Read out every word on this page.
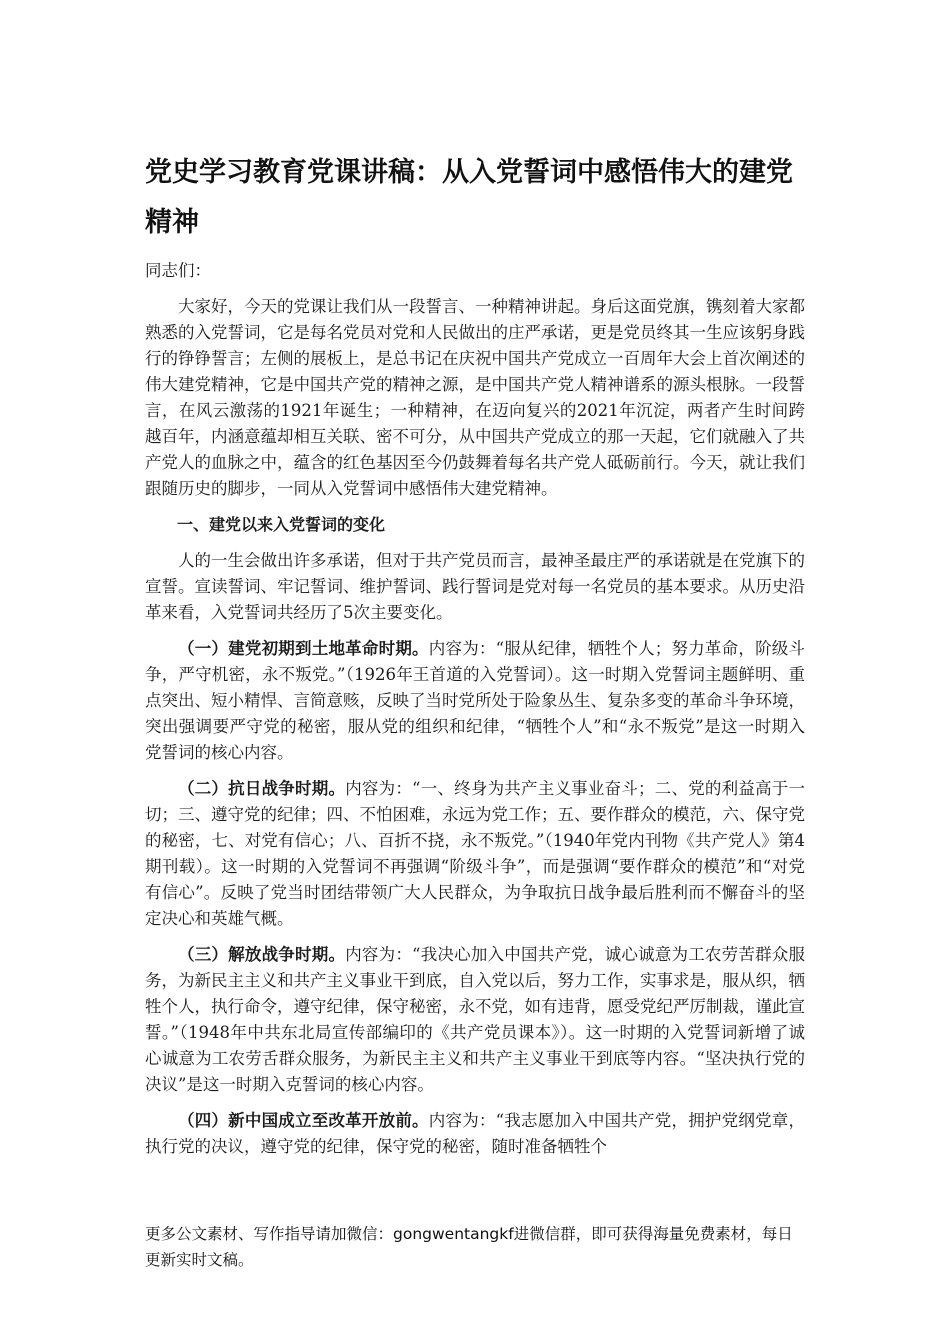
党史学习教育党课讲稿：从入党誓词中感悟伟大的建党精神

同志们：

大家好，今天的党课让我们从一段誓言、一种精神讲起。身后这面党旗，镌刻着大家都熟悉的入党誓词，它是每名党员对党和人民做出的庄严承诺，更是党员终其一生应该躬身践行的铮铮誓言；左侧的展板上，是总书记在庆祝中国共产党成立一百周年大会上首次阐述的伟大建党精神，它是中国共产党的精神之源，是中国共产党人精神谱系的源头根脉。一段誓言，在风云激荡的1921年诞生；一种精神，在迈向复兴的2021年沉淀，两者产生时间跨越百年，内涵意蕴却相互关联、密不可分，从中国共产党成立的那一天起，它们就融入了共产党人的血脉之中，蕴含的红色基因至今仍鼓舞着每名共产党人砥砺前行。今天，就让我们跟随历史的脚步，一同从入党誓词中感悟伟大建党精神。

一、建党以来入党誓词的变化

人的一生会做出许多承诺，但对于共产党员而言，最神圣最庄严的承诺就是在党旗下的宣誓。宣读誓词、牢记誓词、维护誓词、践行誓词是党对每一名党员的基本要求。从历史沿革来看，入党誓词共经历了5次主要变化。

（一）建党初期到土地革命时期。内容为：“服从纪律，牺牲个人；努力革命，阶级斗争，严守机密，永不叛党。”（1926年王首道的入党誓词）。这一时期入党誓词主题鲜明、重点突出、短小精悍、言简意赅，反映了当时党所处于险象丛生、复杂多变的革命斗争环境，突出强调要严守党的秘密，服从党的组织和纪律，“牺牲个人”和“永不叛党”是这一时期入党誓词的核心内容。

（二）抗日战争时期。内容为：“一、终身为共产主义事业奋斗；二、党的利益高于一切；三、遵守党的纪律；四、不怕困难，永远为党工作；五、要作群众的模范，六、保守党的秘密，七、对党有信心；八、百折不挠，永不叛党。”（1940年党内刊物《共产党人》第4期刊载）。这一时期的入党誓词不再强调“阶级斗争”，而是强调“要作群众的模范”和“对党有信心”。反映了党当时团结带领广大人民群众，为争取抗日战争最后胜利而不懈奋斗的坚定决心和英雄气概。

（三）解放战争时期。内容为：“我决心加入中国共产党，诚心诚意为工农劳苦群众服务，为新民主主义和共产主义事业干到底，自入党以后，努力工作，实事求是，服从织，牺牲个人，执行命令，遵守纪律，保守秘密，永不党，如有违背，愿受党纪严厉制裁，谨此宣誓。”（1948年中共东北局宣传部编印的《共产党员课本》）。这一时期的入党誓词新增了诚心诚意为工农劳舌群众服务，为新民主主义和共产主义事业干到底等内容。“坚决执行党的决议”是这一时期入克誓词的核心内容。

（四）新中国成立至改革开放前。内容为：“我志愿加入中国共产党，拥护党纲党章，执行党的决议，遵守党的纪律，保守党的秘密，随时准备牺牲个

更多公文素材、写作指导请加微信：gongwentangkf进微信群，即可获得海量免费素材，每日更新实时文稿。
